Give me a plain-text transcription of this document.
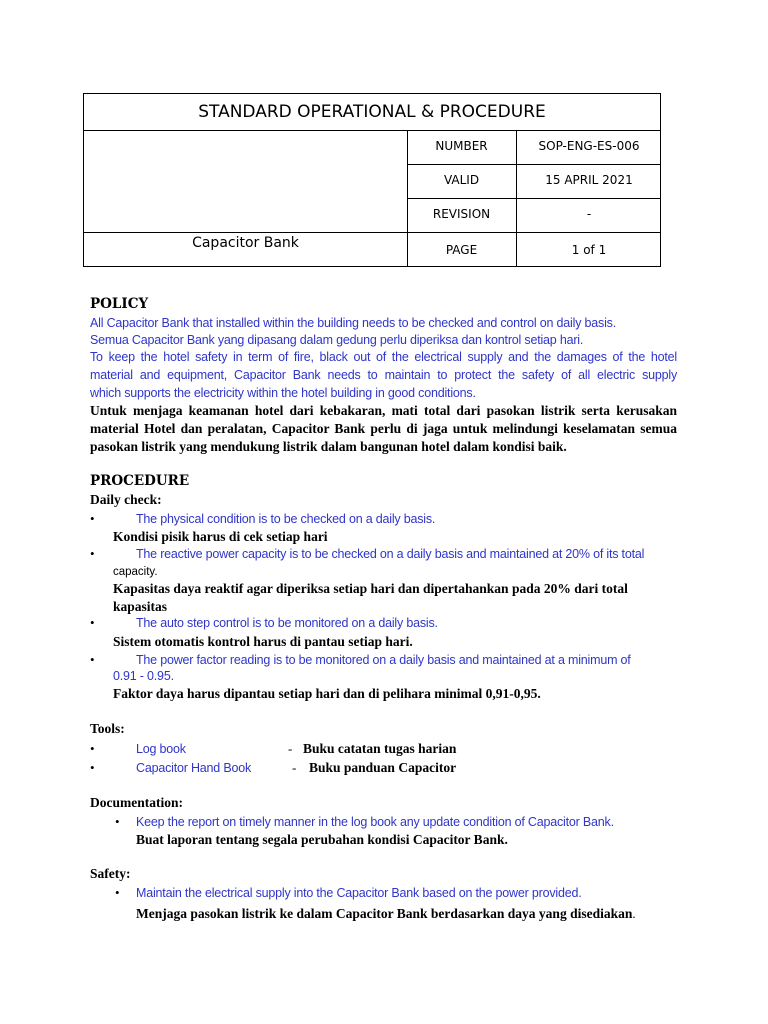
STANDARD OPERATIONAL & PROCEDURE
NUMBER	SOP-ENG-ES-006
VALID	15 APRIL 2021
REVISION	-
PAGE	1 of 1
Capacitor Bank
POLICY
All Capacitor Bank that installed within the building needs to be checked and control on daily basis.
Semua Capacitor Bank yang dipasang dalam gedung perlu diperiksa dan kontrol setiap hari.
To keep the hotel safety in term of fire, black out of the electrical supply and the damages of the hotel
material and equipment, Capacitor Bank needs to maintain to protect the safety of all electric supply
which supports the electricity within the hotel building in good conditions.
Untuk menjaga keamanan hotel dari kebakaran, mati total dari pasokan listrik serta kerusakan
material Hotel dan peralatan, Capacitor Bank perlu di jaga untuk melindungi keselamatan semua
pasokan listrik yang mendukung listrik dalam bangunan hotel dalam kondisi baik.
PROCEDURE
Daily check:
•	The physical condition is to be checked on a daily basis.
Kondisi pisik harus di cek setiap hari
•	The reactive power capacity is to be checked on a daily basis and maintained at 20% of its total
capacity.
Kapasitas daya reaktif agar diperiksa setiap hari dan dipertahankan pada 20% dari total
kapasitas
•	The auto step control is to be monitored on a daily basis.
Sistem otomatis kontrol harus di pantau setiap hari.
•	The power factor reading is to be monitored on a daily basis and maintained at a minimum of
0.91 - 0.95.
Faktor daya harus dipantau setiap hari dan di pelihara minimal 0,91-0,95.
Tools:
•	Log book	- Buku catatan tugas harian
•	Capacitor Hand Book	- Buku panduan Capacitor
Documentation:
• Keep the report on timely manner in the log book any update condition of Capacitor Bank.
Buat laporan tentang segala perubahan kondisi Capacitor Bank.
Safety:
• Maintain the electrical supply into the Capacitor Bank based on the power provided.
Menjaga pasokan listrik ke dalam Capacitor Bank berdasarkan daya yang disediakan.
